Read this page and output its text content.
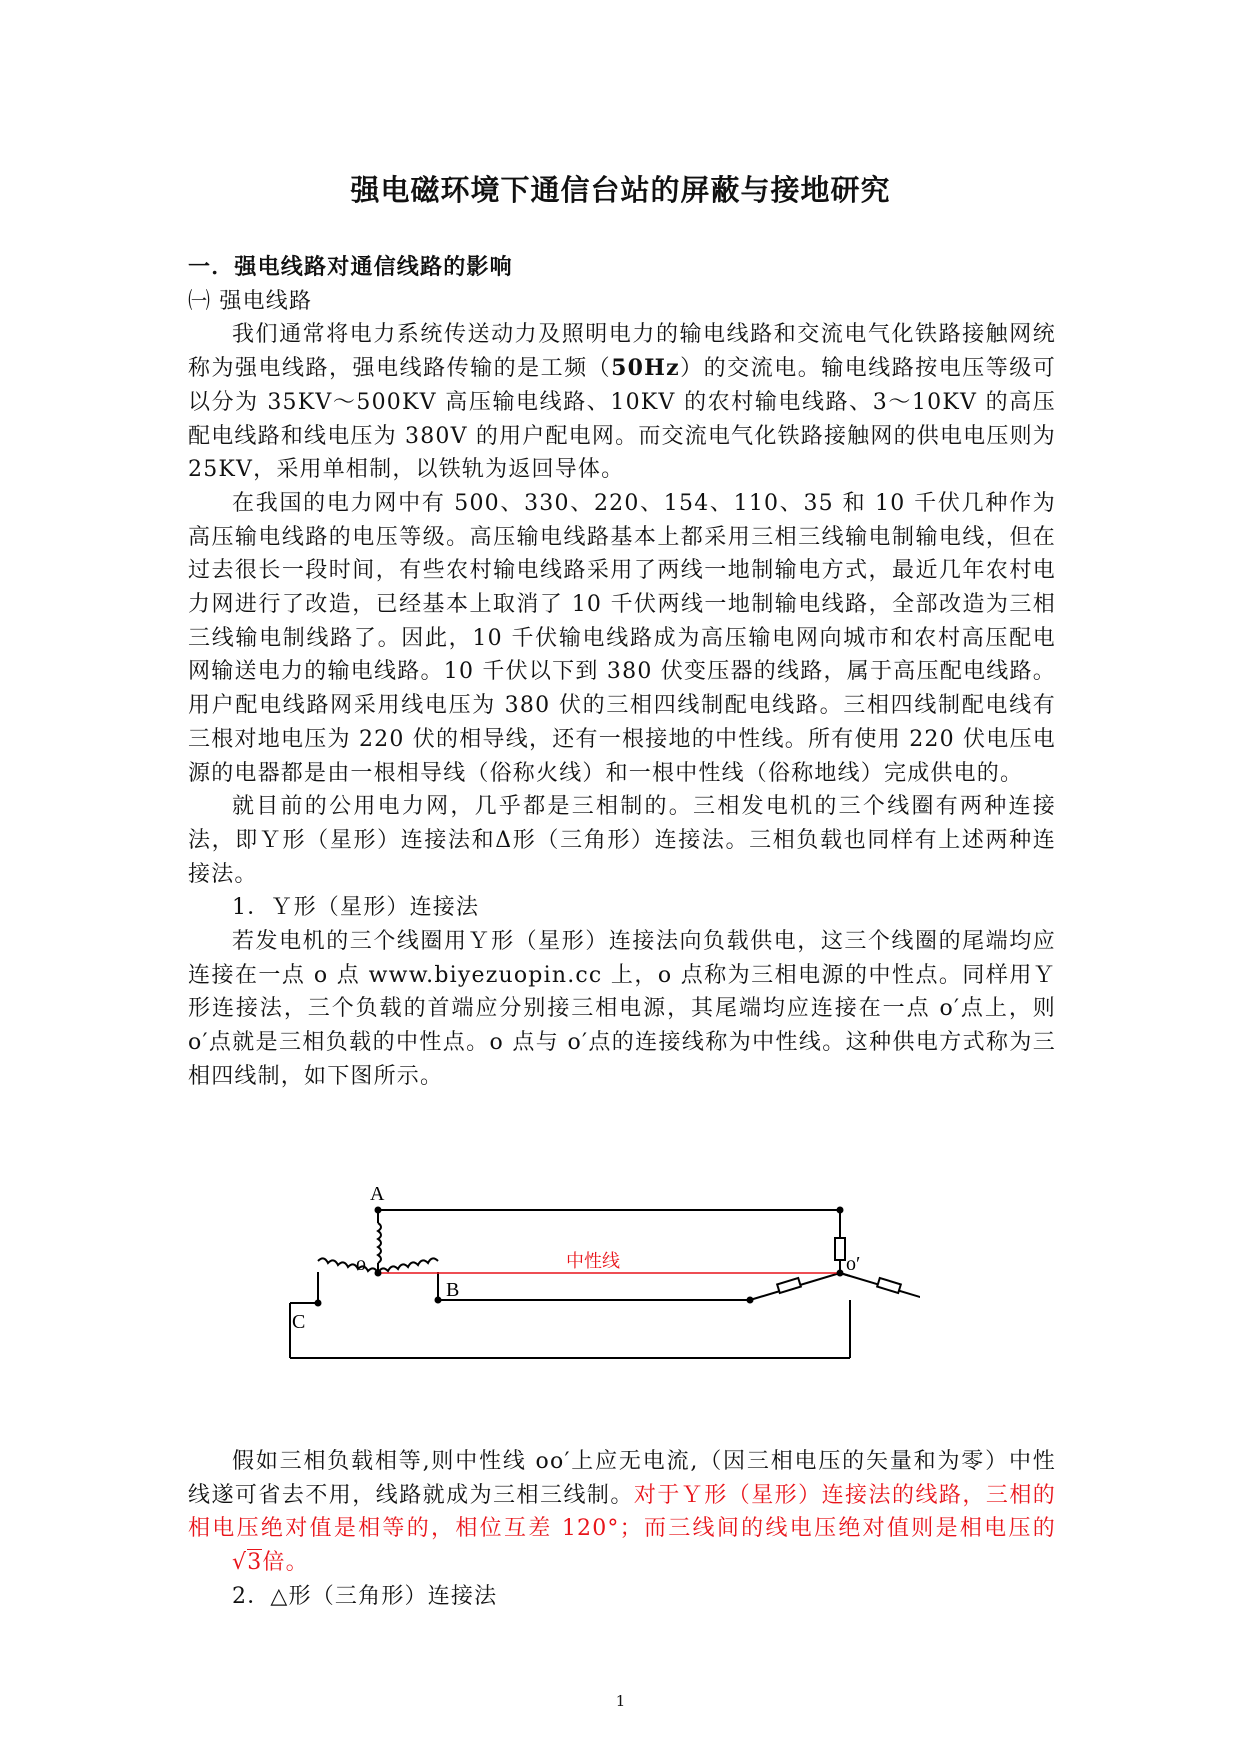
强电磁环境下通信台站的屏蔽与接地研究

一．强电线路对通信线路的影响

㈠ 强电线路

我们通常将电力系统传送动力及照明电力的输电线路和交流电气化铁路接触网统称为强电线路，强电线路传输的是工频（50Hz）的交流电。输电线路按电压等级可以分为 35KV～500KV 高压输电线路、10KV 的农村输电线路、3～10KV 的高压配电线路和线电压为 380V 的用户配电网。而交流电气化铁路接触网的供电电压则为 25KV，采用单相制，以铁轨为返回导体。

在我国的电力网中有 500、330、220、154、110、35 和 10 千伏几种作为高压输电线路的电压等级。高压输电线路基本上都采用三相三线输电制输电线，但在过去很长一段时间，有些农村输电线路采用了两线一地制输电方式，最近几年农村电力网进行了改造，已经基本上取消了 10 千伏两线一地制输电线路，全部改造为三相三线输电制线路了。因此，10 千伏输电线路成为高压输电网向城市和农村高压配电网输送电力的输电线路。10 千伏以下到 380 伏变压器的线路，属于高压配电线路。用户配电线路网采用线电压为 380 伏的三相四线制配电线路。三相四线制配电线有三根对地电压为 220 伏的相导线，还有一根接地的中性线。所有使用 220 伏电压电源的电器都是由一根相导线（俗称火线）和一根中性线（俗称地线）完成供电的。

就目前的公用电力网，几乎都是三相制的。三相发电机的三个线圈有两种连接法，即Ｙ形（星形）连接法和Δ形（三角形）连接法。三相负载也同样有上述两种连接法。

1．Ｙ形（星形）连接法

若发电机的三个线圈用Ｙ形（星形）连接法向负载供电，这三个线圈的尾端均应连接在一点 o 点 www.biyezuopin.cc 上，o 点称为三相电源的中性点。同样用Ｙ形连接法，三个负载的首端应分别接三相电源，其尾端均应连接在一点 o′点上，则 o′点就是三相负载的中性点。o 点与 o′点的连接线称为中性线。这种供电方式称为三相四线制，如下图所示。

A
o
B
C
o′
中性线

假如三相负载相等,则中性线 oo′上应无电流,（因三相电压的矢量和为零）中性线遂可省去不用，线路就成为三相三线制。对于Ｙ形（星形）连接法的线路，三相的相电压绝对值是相等的，相位互差 120°；而三线间的线电压绝对值则是相电压的√3倍。

2．△形（三角形）连接法

1
